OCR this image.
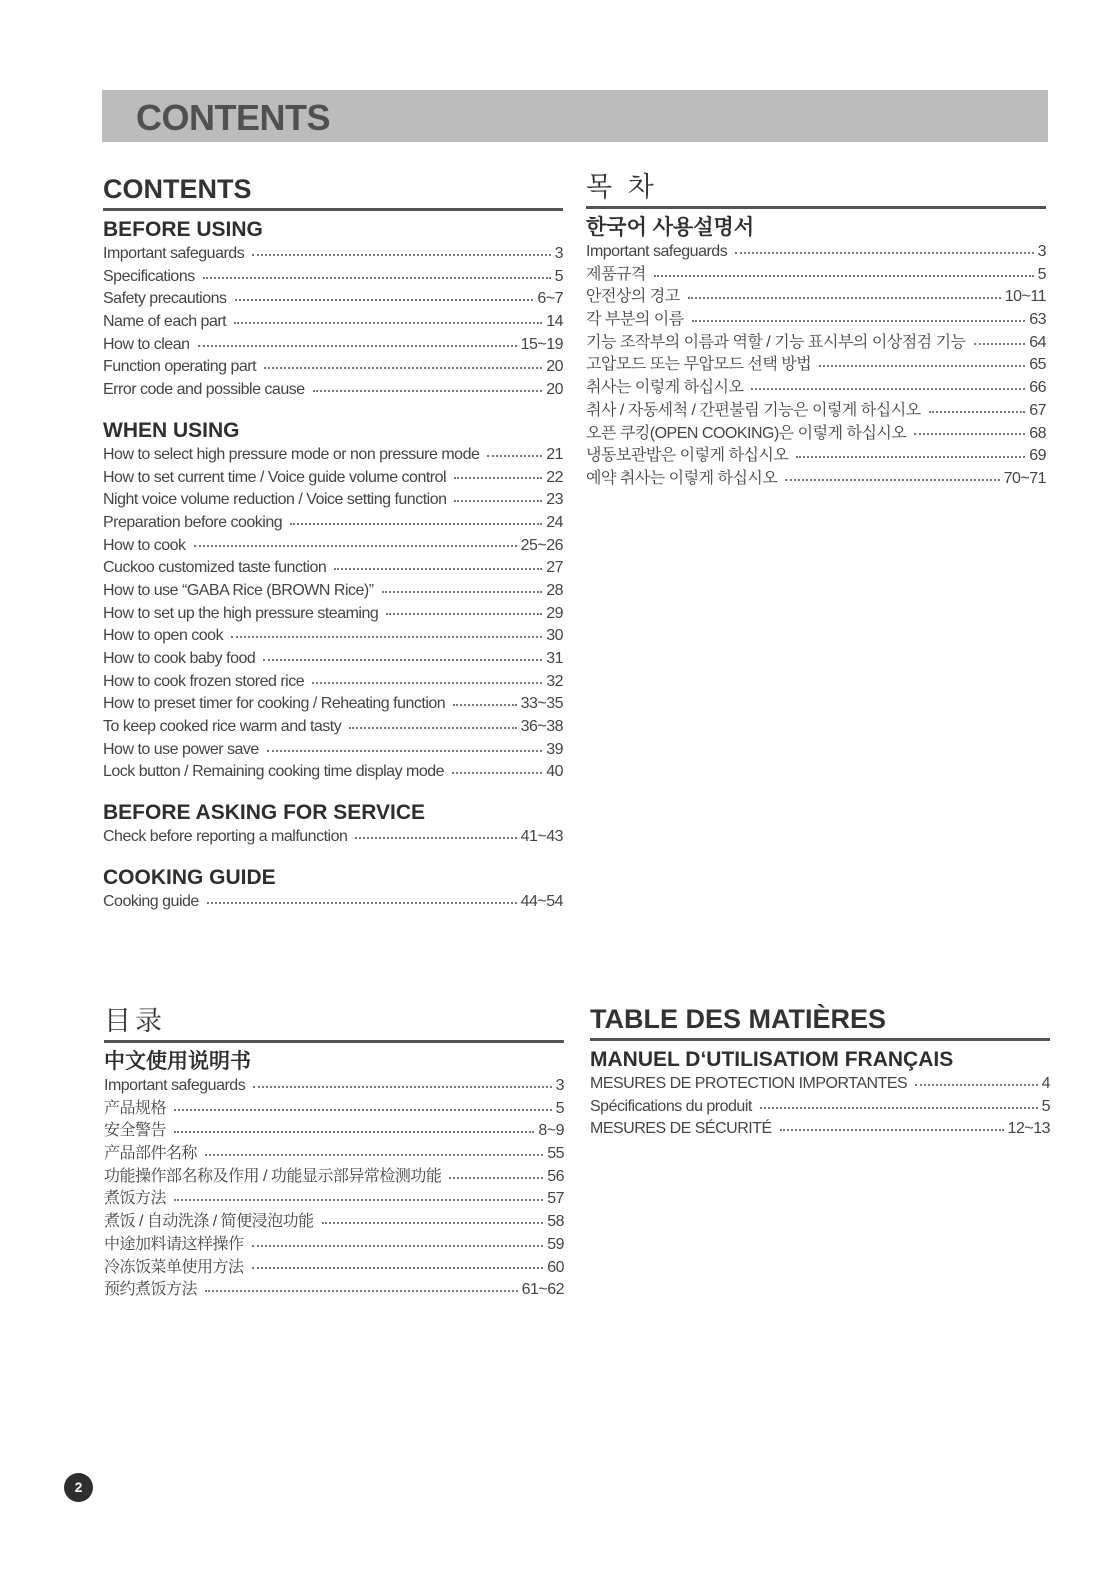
CONTENTS
CONTENTS
BEFORE USING
Important safeguards	3
Specifications	5
Safety precautions	6~7
Name of each part	14
How to clean	15~19
Function operating part	20
Error code and possible cause	20
WHEN USING
How to select high pressure mode or non pressure mode	21
How to set current time / Voice guide volume control	22
Night voice volume reduction / Voice setting function	23
Preparation before cooking	24
How to cook	25~26
Cuckoo customized taste function	27
How to use “GABA Rice (BROWN Rice)”	28
How to set up the high pressure steaming	29
How to open cook	30
How to cook baby food	31
How to cook frozen stored rice	32
How to preset timer for cooking / Reheating function	33~35
To keep cooked rice warm and tasty	36~38
How to use power save	39
Lock button / Remaining cooking time display mode	40
BEFORE ASKING FOR SERVICE
Check before reporting a malfunction	41~43
COOKING GUIDE
Cooking guide	44~54
목 차
한국어 사용설명서
Important safeguards	3
제품규격	5
안전상의 경고	10~11
각 부분의 이름	63
기능 조작부의 이름과 역할 / 기능 표시부의 이상점검 기능	64
고압모드 또는 무압모드 선택 방법	65
취사는 이렇게 하십시오	66
취사 / 자동세척 / 간편불림 기능은 이렇게 하십시오	67
오픈 쿠킹(OPEN COOKING)은 이렇게 하십시오	68
냉동보관밥은 이렇게 하십시오	69
예약 취사는 이렇게 하십시오	70~71
目录
中文使用说明书
Important safeguards	3
产品规格	5
安全警告	8~9
产品部件名称	55
功能操作部名称及作用 / 功能显示部异常检测功能	56
煮饭方法	57
煮饭 / 自动洗涤 / 简便浸泡功能	58
中途加料请这样操作	59
冷冻饭菜单使用方法	60
预约煮饭方法	61~62
TABLE DES MATIÈRES
MANUEL D‘UTILISATIOM FRANÇAIS
MESURES DE PROTECTION IMPORTANTES	4
Spécifications du produit	5
MESURES DE SÉCURITÉ	12~13
2
